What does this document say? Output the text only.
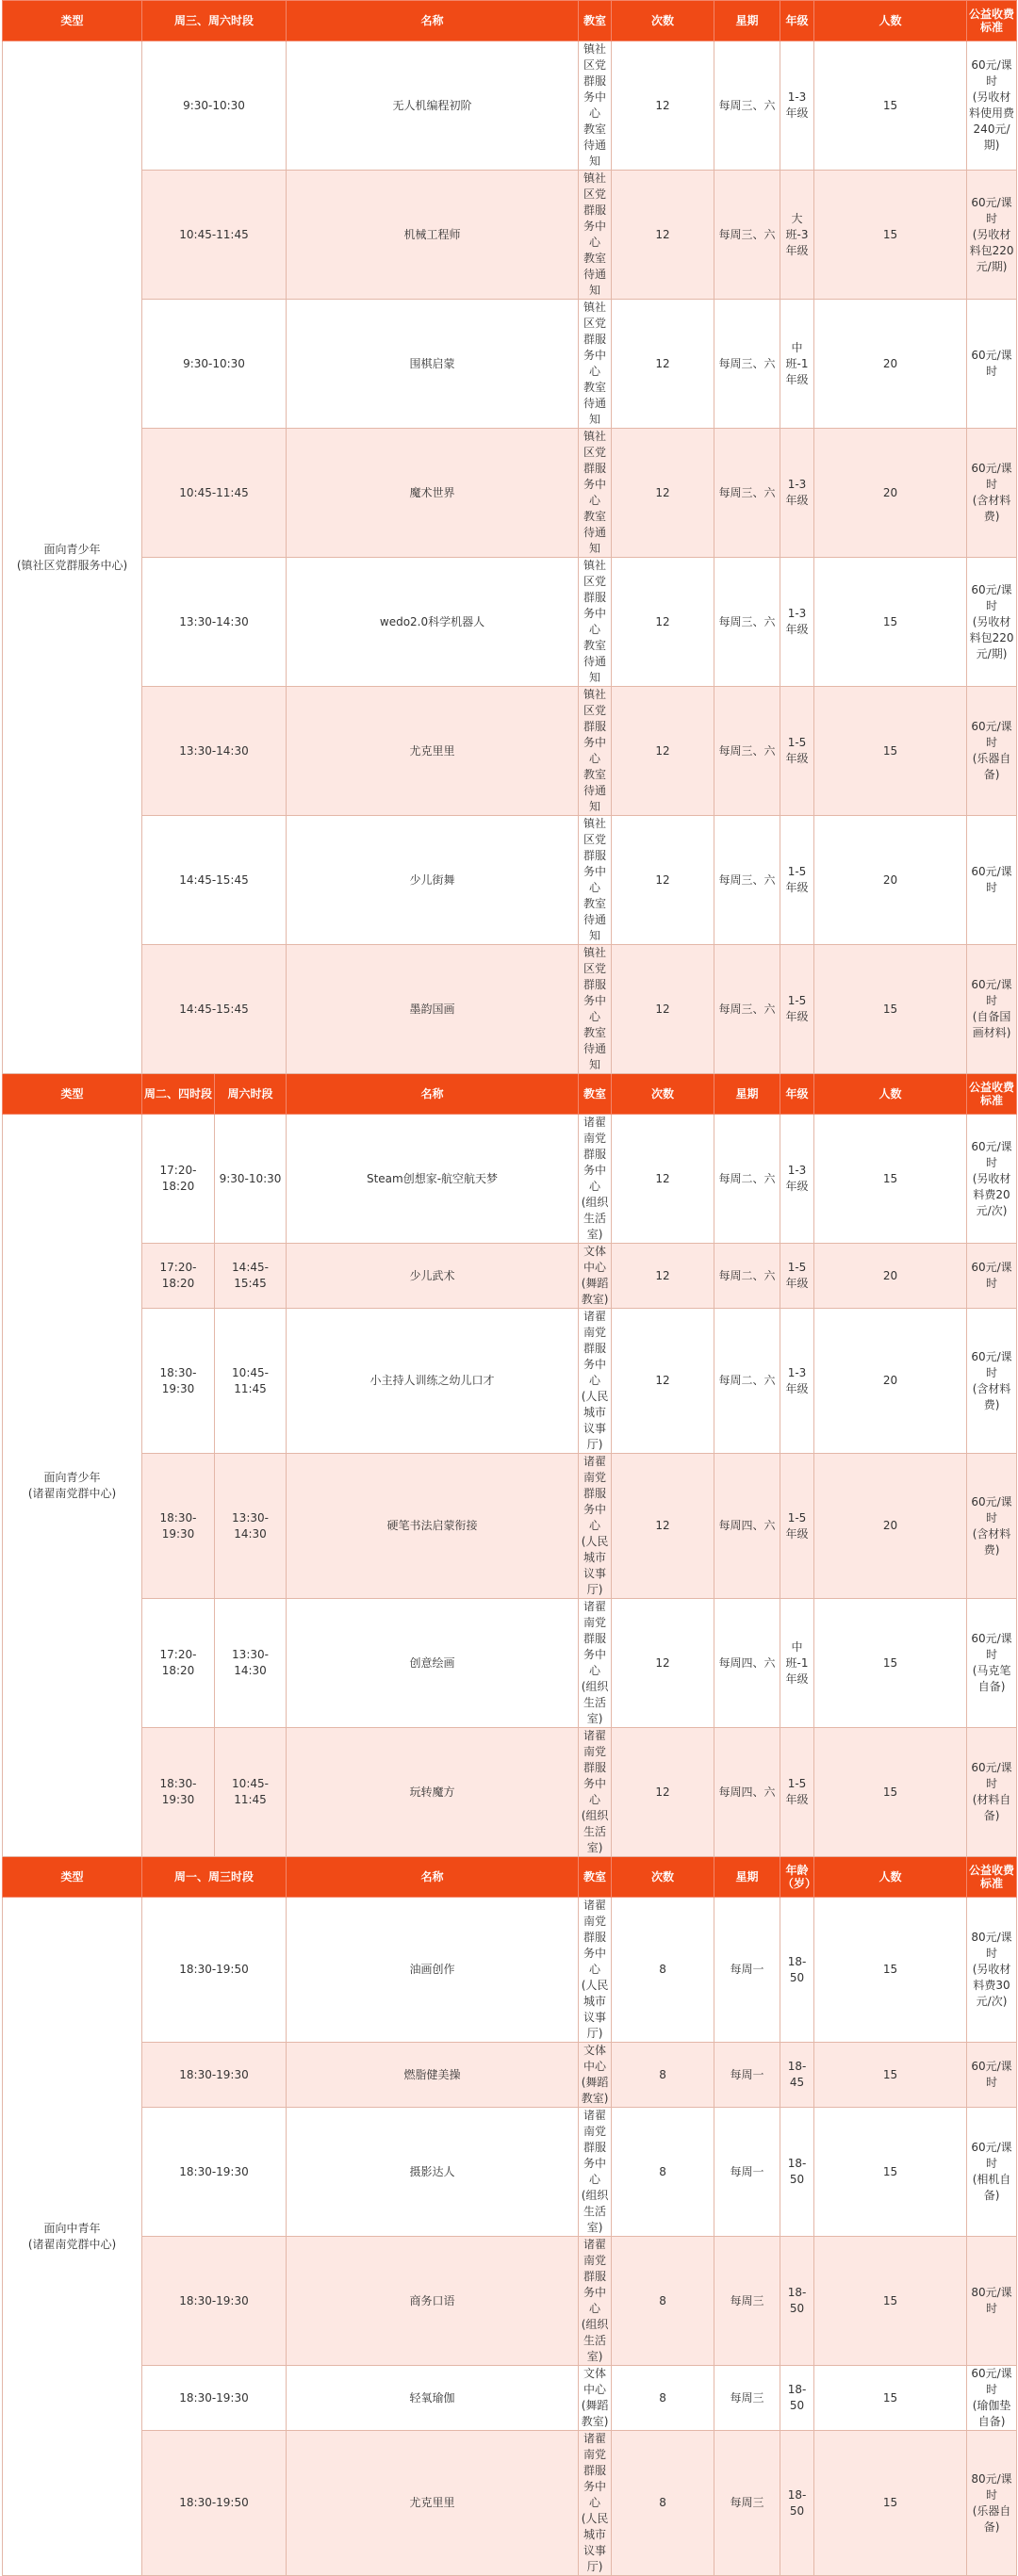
类型	周三、周六时段		名称	教室	次数	星期	年级	人数	公益收费标准	

面向青少年
(镇社区党群服务中心)	9:30-10:30		无人机编程初阶	镇社区党群服务中心
教室待通知	12	每周三、六	1-3年级	15	60元/课时
(另收材料使用费240元/期)

	10:45-11:45		机械工程师	镇社区党群服务中心
教室待通知	12	每周三、六	大班-3年级	15	60元/课时
(另收材料包220元/期)

	9:30-10:30		围棋启蒙	镇社区党群服务中心
教室待通知	12	每周三、六	中班-1年级	20	60元/课时

	10:45-11:45		魔术世界	镇社区党群服务中心
教室待通知	12	每周三、六	1-3年级	20	60元/课时
(含材料费)

	13:30-14:30		wedo2.0科学机器人	镇社区党群服务中心
教室待通知	12	每周三、六	1-3年级	15	60元/课时
(另收材料包220元/期)

	13:30-14:30		尤克里里	镇社区党群服务中心
教室待通知	12	每周三、六	1-5年级	15	60元/课时
(乐器自备)

	14:45-15:45		少儿街舞	镇社区党群服务中心
教室待通知	12	每周三、六	1-5年级	20	60元/课时

	14:45-15:45		墨韵国画	镇社区党群服务中心
教室待通知	12	每周三、六	1-5年级	15	60元/课时
(自备国画材料)

类型	周二、四时段	周六时段	名称	教室	次数	星期	年级	人数	公益收费标准	

面向青少年
(诸翟南党群中心)	17:20-18:20	9:30-10:30	Steam创想家-航空航天梦	诸翟南党群服务中心
(组织生活室)	12	每周二、六	1-3年级	15	60元/课时
(另收材料费20元/次)

	17:20-18:20	14:45-15:45	少儿武术	文体中心
(舞蹈教室)	12	每周二、六	1-5年级	20	60元/课时

	18:30-19:30	10:45-11:45	小主持人训练之幼儿口才	诸翟南党群服务中心
(人民城市议事厅)	12	每周二、六	1-3年级	20	60元/课时
(含材料费)

	18:30-19:30	13:30-14:30	硬笔书法启蒙衔接	诸翟南党群服务中心
(人民城市议事厅)	12	每周四、六	1-5年级	20	60元/课时
(含材料费)

	17:20-18:20	13:30-14:30	创意绘画	诸翟南党群服务中心
(组织生活室)	12	每周四、六	中班-1年级	15	60元/课时
(马克笔自备)

	18:30-19:30	10:45-11:45	玩转魔方	诸翟南党群服务中心
(组织生活室)	12	每周四、六	1-5年级	15	60元/课时
(材料自备)

类型	周一、周三时段		名称	教室	次数	星期	年龄（岁）	人数	公益收费标准	

面向中青年
(诸翟南党群中心)	18:30-19:50		油画创作	诸翟南党群服务中心
(人民城市议事厅)	8	每周一	18-50	15	80元/课时
(另收材料费30元/次)

	18:30-19:30		燃脂健美操	文体中心
(舞蹈教室)	8	每周一	18-45	15	60元/课时

	18:30-19:30		摄影达人	诸翟南党群服务中心
(组织生活室)	8	每周一	18-50	15	60元/课时
(相机自备)

	18:30-19:30		商务口语	诸翟南党群服务中心
(组织生活室)	8	每周三	18-50	15	80元/课时

	18:30-19:30		轻氧瑜伽	文体中心
(舞蹈教室)	8	每周三	18-50	15	60元/课时
(瑜伽垫自备)

	18:30-19:50		尤克里里	诸翟南党群服务中心
(人民城市议事厅)	8	每周三	18-50	15	80元/课时
(乐器自备)
